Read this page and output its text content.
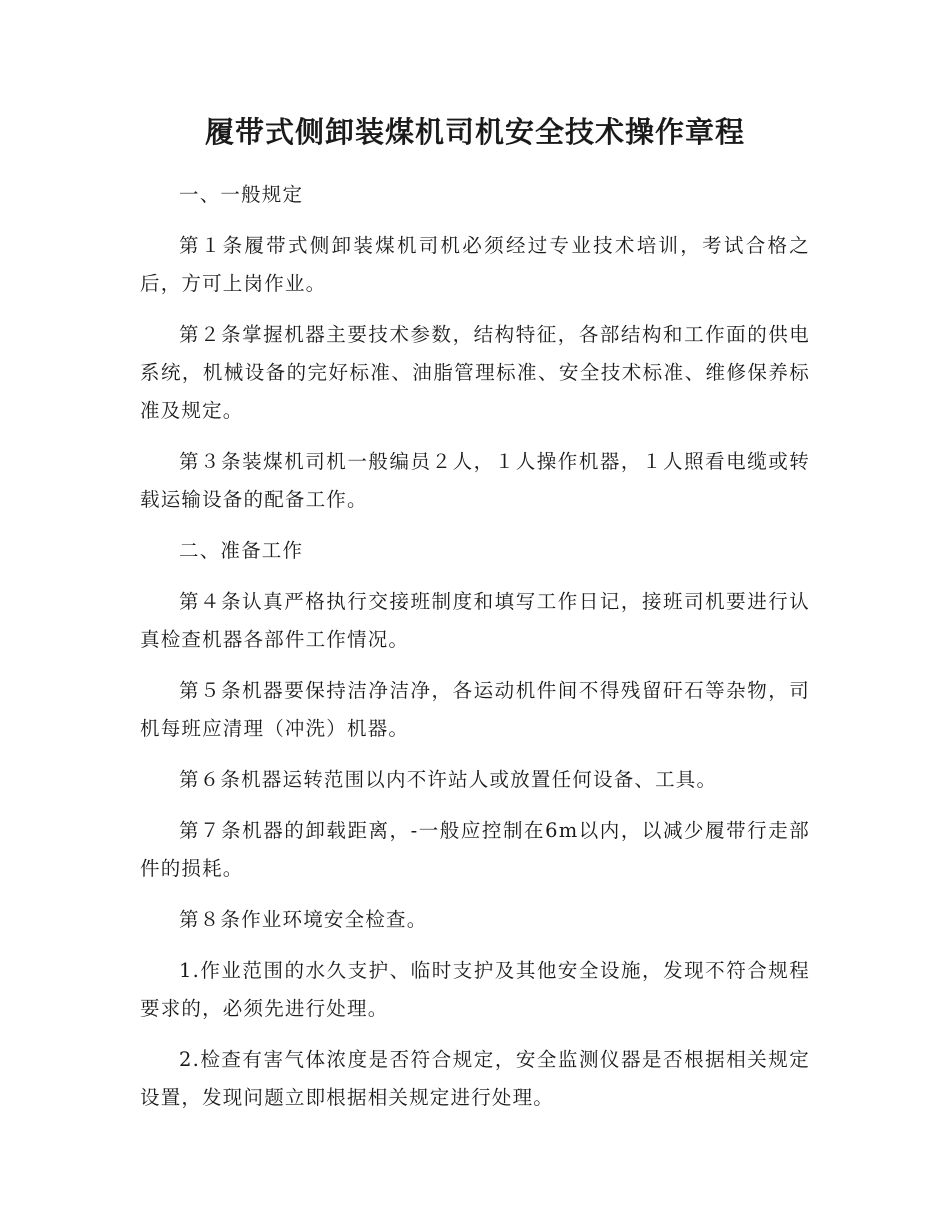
履带式侧卸装煤机司机安全技术操作章程
一、一般规定
第１条履带式侧卸装煤机司机必须经过专业技术培训，考试合格之后，方可上岗作业。
第２条掌握机器主要技术参数，结构特征，各部结构和工作面的供电系统，机械设备的完好标准、油脂管理标准、安全技术标准、维修保养标准及规定。
第３条装煤机司机一般编员２人，１人操作机器，１人照看电缆或转载运输设备的配备工作。
二、准备工作
第４条认真严格执行交接班制度和填写工作日记，接班司机要进行认真检查机器各部件工作情况。
第５条机器要保持洁净洁净，各运动机件间不得残留矸石等杂物，司机每班应清理（冲洗）机器。
第６条机器运转范围以内不许站人或放置任何设备、工具。
第７条机器的卸载距离，-一般应控制在6m以内，以减少履带行走部件的损耗。
第８条作业环境安全检查。
1.作业范围的水久支护、临时支护及其他安全设施，发现不符合规程要求的，必须先进行处理。
2.检查有害气体浓度是否符合规定，安全监测仪器是否根据相关规定设置，发现问题立即根据相关规定进行处理。
